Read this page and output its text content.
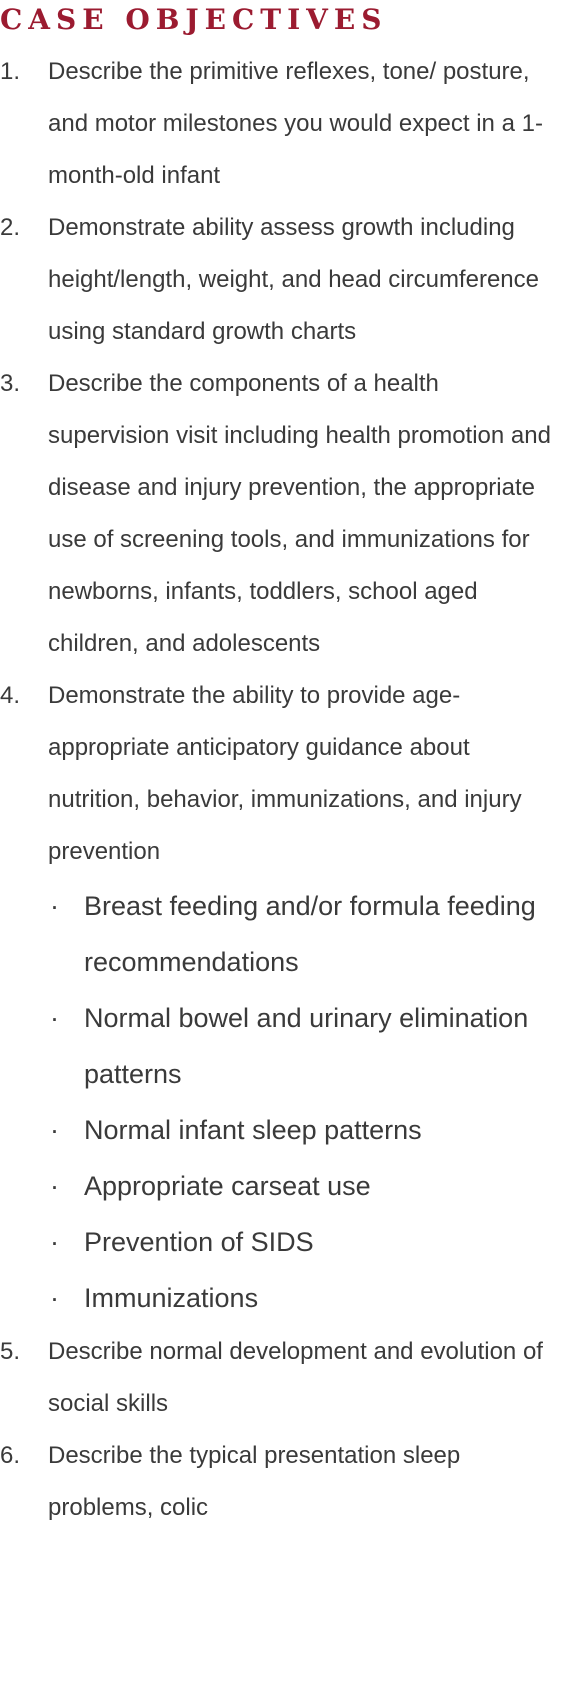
CASE OBJECTIVES
1.	Describe the primitive reflexes, tone/ posture, and motor milestones you would expect in a 1-month-old infant
2.	Demonstrate ability assess growth including height/length, weight, and head circumference using standard growth charts
3.	Describe the components of a health supervision visit including health promotion and disease and injury prevention, the appropriate use of screening tools, and immunizations for newborns, infants, toddlers, school aged children, and adolescents
4.	Demonstrate the ability to provide age-appropriate anticipatory guidance about nutrition, behavior, immunizations, and injury prevention
· Breast feeding and/or formula feeding recommendations
· Normal bowel and urinary elimination patterns
· Normal infant sleep patterns
· Appropriate carseat use
· Prevention of SIDS
· Immunizations
5.	Describe normal development and evolution of social skills
6.	Describe the typical presentation sleep problems, colic
